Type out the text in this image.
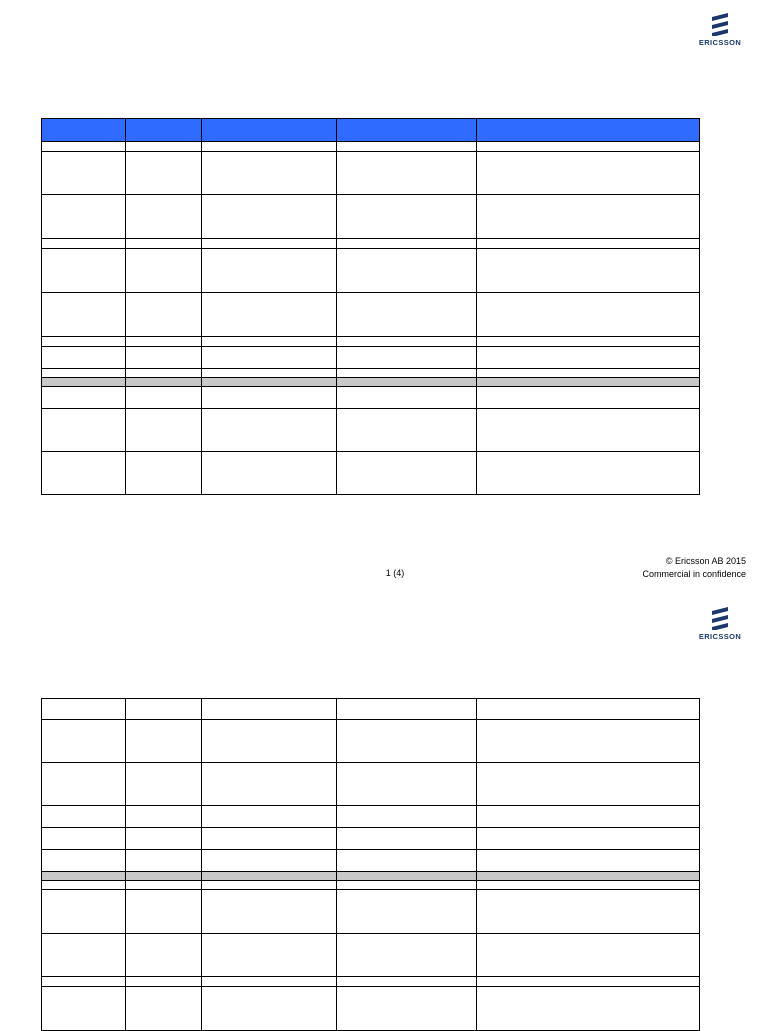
ERICSSON

© Ericsson AB 2015
Commercial in confidence
1 (4)
ERICSSON
